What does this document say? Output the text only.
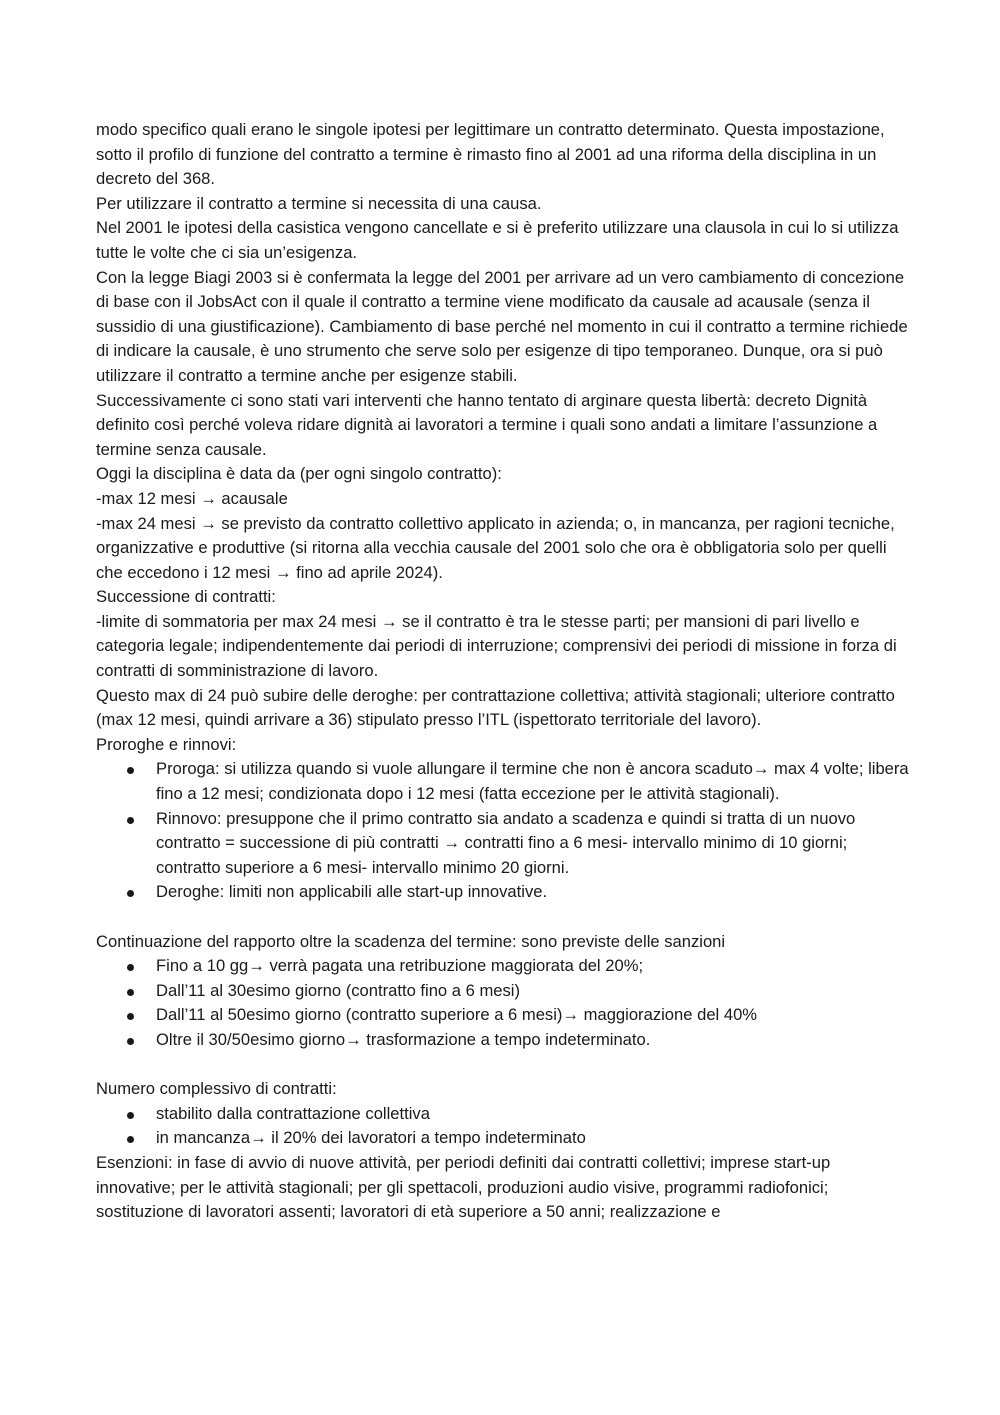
modo specifico quali erano le singole ipotesi per legittimare un contratto determinato. Questa impostazione, sotto il profilo di funzione del contratto a termine è rimasto fino al 2001 ad una riforma della disciplina in un decreto del 368.

Per utilizzare il contratto a termine si necessita di una causa.

Nel 2001 le ipotesi della casistica vengono cancellate e si è preferito utilizzare una clausola in cui lo si utilizza tutte le volte che ci sia un’esigenza.

Con la legge Biagi 2003 si è confermata la legge del 2001 per arrivare ad un vero cambiamento di concezione di base con il JobsAct con il quale il contratto a termine viene modificato da causale ad acausale (senza il sussidio di una giustificazione). Cambiamento di base perché nel momento in cui il contratto a termine richiede di indicare la causale, è uno strumento che serve solo per esigenze di tipo temporaneo. Dunque, ora si può utilizzare il contratto a termine anche per esigenze stabili.

Successivamente ci sono stati vari interventi che hanno tentato di arginare questa libertà: decreto Dignità definito così perché voleva ridare dignità ai lavoratori a termine i quali sono andati a limitare l’assunzione a termine senza causale.

Oggi la disciplina è data da (per ogni singolo contratto):

-max 12 mesi → acausale

-max 24 mesi → se previsto da contratto collettivo applicato in azienda; o, in mancanza, per ragioni tecniche, organizzative e produttive (si ritorna alla vecchia causale del 2001 solo che ora è obbligatoria solo per quelli che eccedono i 12 mesi → fino ad aprile 2024).

Successione di contratti:

-limite di sommatoria per max 24 mesi → se il contratto è tra le stesse parti; per mansioni di pari livello e categoria legale; indipendentemente dai periodi di interruzione; comprensivi dei periodi di missione in forza di contratti di somministrazione di lavoro.

Questo max di 24 può subire delle deroghe: per contrattazione collettiva; attività stagionali; ulteriore contratto (max 12 mesi, quindi arrivare a 36) stipulato presso l’ITL (ispettorato territoriale del lavoro).

Proroghe e rinnovi:

Proroga: si utilizza quando si vuole allungare il termine che non è ancora scaduto→ max 4 volte; libera fino a 12 mesi; condizionata dopo i 12 mesi (fatta eccezione per le attività stagionali).
Rinnovo: presuppone che il primo contratto sia andato a scadenza e quindi si tratta di un nuovo contratto = successione di più contratti → contratti fino a 6 mesi- intervallo minimo di 10 giorni; contratto superiore a 6 mesi- intervallo minimo 20 giorni.
Deroghe: limiti non applicabili alle start-up innovative.

Continuazione del rapporto oltre la scadenza del termine: sono previste delle sanzioni

Fino a 10 gg→ verrà pagata una retribuzione maggiorata del 20%;
Dall’11 al 30esimo giorno (contratto fino a 6 mesi)
Dall’11 al 50esimo giorno (contratto superiore a 6 mesi)→ maggiorazione del 40%
Oltre il 30/50esimo giorno→ trasformazione a tempo indeterminato.

Numero complessivo di contratti:

stabilito dalla contrattazione collettiva
in mancanza→ il 20% dei lavoratori a tempo indeterminato

Esenzioni: in fase di avvio di nuove attività, per periodi definiti dai contratti collettivi; imprese start-up innovative; per le attività stagionali; per gli spettacoli, produzioni audio visive, programmi radiofonici; sostituzione di lavoratori assenti; lavoratori di età superiore a 50 anni; realizzazione e
